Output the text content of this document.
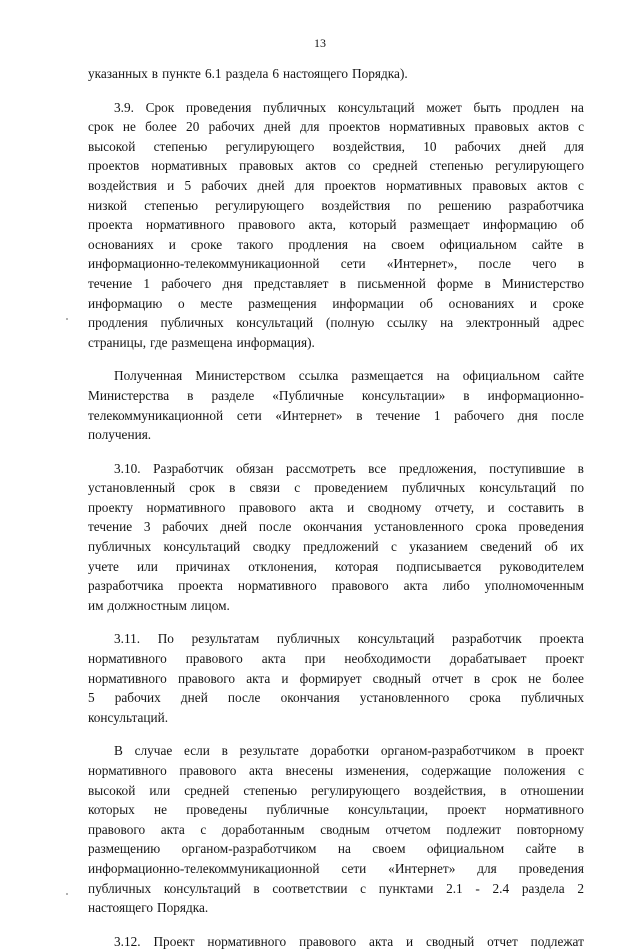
13
указанных в пункте 6.1 раздела 6 настоящего Порядка).
3.9. Срок проведения публичных консультаций может быть продлен на
срок не более 20 рабочих дней для проектов нормативных правовых актов с
высокой степенью регулирующего воздействия, 10 рабочих дней для
проектов нормативных правовых актов со средней степенью регулирующего
воздействия и 5 рабочих дней для проектов нормативных правовых актов с
низкой степенью регулирующего воздействия по решению разработчика
проекта нормативного правового акта, который размещает информацию об
основаниях и сроке такого продления на своем официальном сайте в
информационно-телекоммуникационной сети «Интернет», после чего в
течение 1 рабочего дня представляет в письменной форме в Министерство
информацию о месте размещения информации об основаниях и сроке
продления публичных консультаций (полную ссылку на электронный адрес
страницы, где размещена информация).
Полученная Министерством ссылка размещается на официальном сайте
Министерства в разделе «Публичные консультации» в информационно-
телекоммуникационной сети «Интернет» в течение 1 рабочего дня после
получения.
3.10. Разработчик обязан рассмотреть все предложения, поступившие в
установленный срок в связи с проведением публичных консультаций по
проекту нормативного правового акта и сводному отчету, и составить в
течение 3 рабочих дней после окончания установленного срока проведения
публичных консультаций сводку предложений с указанием сведений об их
учете или причинах отклонения, которая подписывается руководителем
разработчика проекта нормативного правового акта либо уполномоченным
им должностным лицом.
3.11. По результатам публичных консультаций разработчик проекта
нормативного правового акта при необходимости дорабатывает проект
нормативного правового акта и формирует сводный отчет в срок не более
5 рабочих дней после окончания установленного срока публичных
консультаций.
В случае если в результате доработки органом-разработчиком в проект
нормативного правового акта внесены изменения, содержащие положения с
высокой или средней степенью регулирующего воздействия, в отношении
которых не проведены публичные консультации, проект нормативного
правового акта с доработанным сводным отчетом подлежит повторному
размещению органом-разработчиком на своем официальном сайте в
информационно-телекоммуникационной сети «Интернет» для проведения
публичных консультаций в соответствии с пунктами 2.1 - 2.4 раздела 2
настоящего Порядка.
3.12. Проект нормативного правового акта и сводный отчет подлежат
